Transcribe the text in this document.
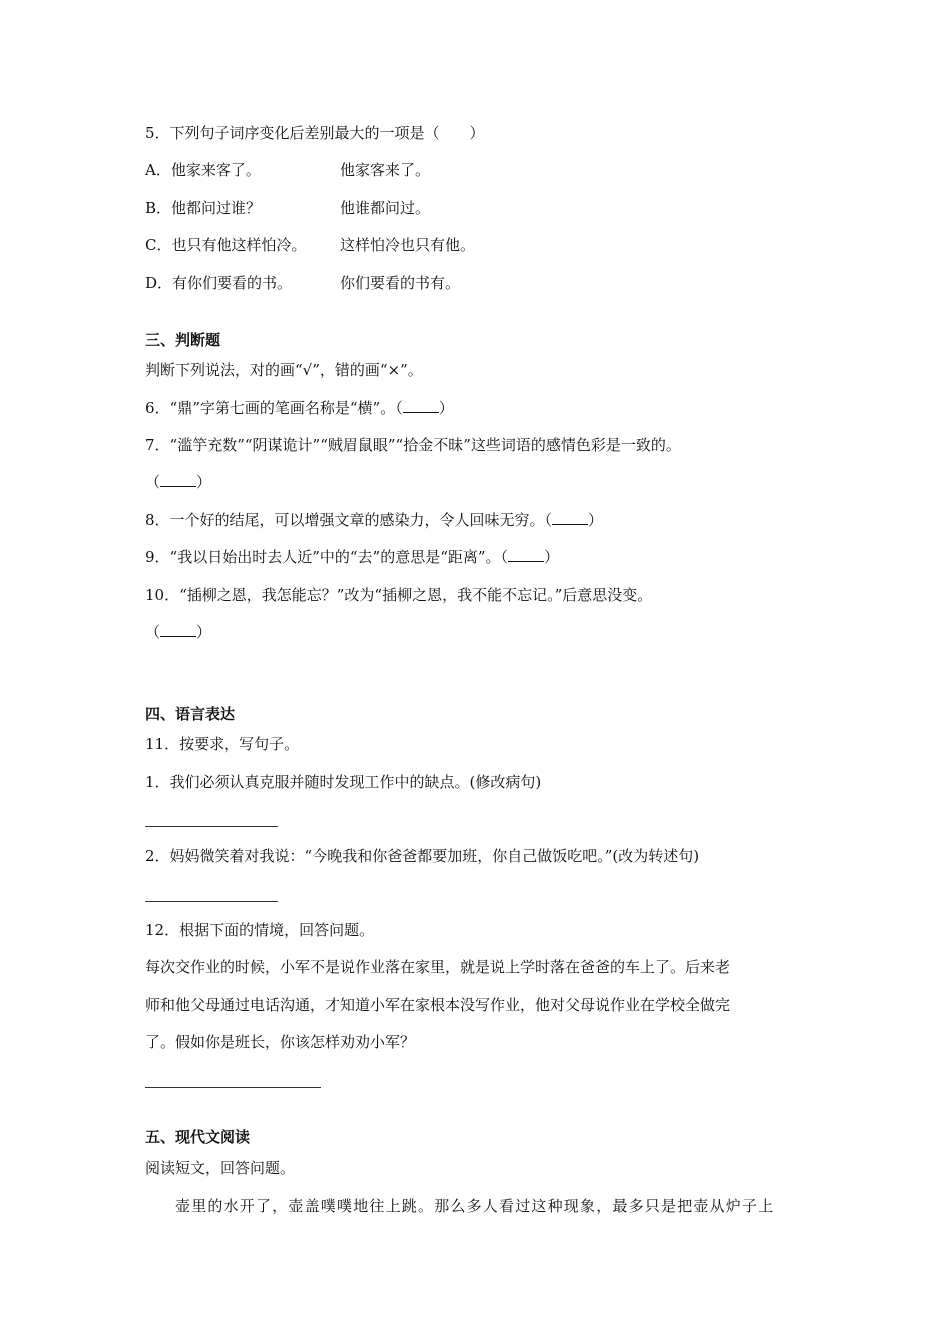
5．下列句子词序变化后差别最大的一项是（　　）
A．他家来客了。	他家客来了。
B．他都问过谁？	他谁都问过。
C．也只有他这样怕冷。 这样怕冷也只有他。
D．有你们要看的书。	你们要看的书有。
三、判断题
判断下列说法，对的画“√”，错的画“×”。
6．“鼎”字第七画的笔画名称是“横”。（ ）
7．“滥竽充数”“阴谋诡计”“贼眉鼠眼”“拾金不昧”这些词语的感情色彩是一致的。
（ ）
8．一个好的结尾，可以增强文章的感染力，令人回味无穷。（ ）
9．“我以日始出时去人近”中的“去”的意思是“距离”。（ ）
10．“插柳之恩，我怎能忘？”改为“插柳之恩，我不能不忘记。”后意思没变。
（ ）
四、语言表达
11．按要求，写句子。
1．我们必须认真克服并随时发现工作中的缺点。(修改病句)
2．妈妈微笑着对我说：“今晚我和你爸爸都要加班，你自己做饭吃吧。”(改为转述句)
12．根据下面的情境，回答问题。
每次交作业的时候，小军不是说作业落在家里，就是说上学时落在爸爸的车上了。后来老
师和他父母通过电话沟通，才知道小军在家根本没写作业，他对父母说作业在学校全做完
了。假如你是班长，你该怎样劝劝小军？
五、现代文阅读
阅读短文，回答问题。
壶里的水开了，壶盖噗噗地往上跳。那么多人看过这种现象，最多只是把壶从炉子上
